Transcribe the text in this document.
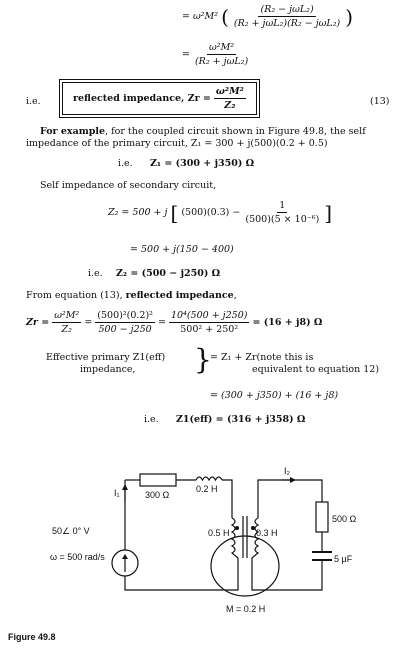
= ω²M² ( $\frac{\text{(R₂ − jωL₂)}}{\text{(R₂ + jωL₂)(R₂ − jωL₂)}}$ )
= $\frac{\text{ω²M²}}{\text{(R₂ + jωL₂)}}$
i.e.	reflected impedance, $Zr = \frac{\text{ω²M²}}{\text{Z₂}}$	(13)
For example, for the coupled circuit shown in Figure 49.8, the self
impedance of the primary circuit, Z₁ = 300 + j(500)(0.2 + 0.5)
i.e. Z₁ = (300 + j350) Ω
Self impedance of secondary circuit,
Z₂ = 500 + j [ $(500)(0.3) - \frac{1}{\text{(500)(5 × 10⁻⁶)}}$ ]
= 500 + j(150 − 400)
i.e. Z₂ = (500 − j250) Ω
From equation (13), reflected impedance,
$Zr = \frac{\text{ω²M²}}{\text{Z₂}} = \frac{\text{(500)²(0.2)²}}{500 - j250} = \frac{\text{10⁴(500 + j250)}}{\text{500² + 250²}} = (16 + j8)$ Ω
Effective primary Z1(eff)
impedance, }
= Z₁ + Zr(note this is
equivalent to equation 12)
= (300 + j350) + (16 + j8)
i.e. Z1(eff) = (316 + j358) Ω
I₁
I₂
300 Ω
0.2 H
50∠ 0° V
ω = 500 rad/s
0.5 H	0.3 H
500 Ω
5 μF
M = 0.2 H
Figure 49.8
